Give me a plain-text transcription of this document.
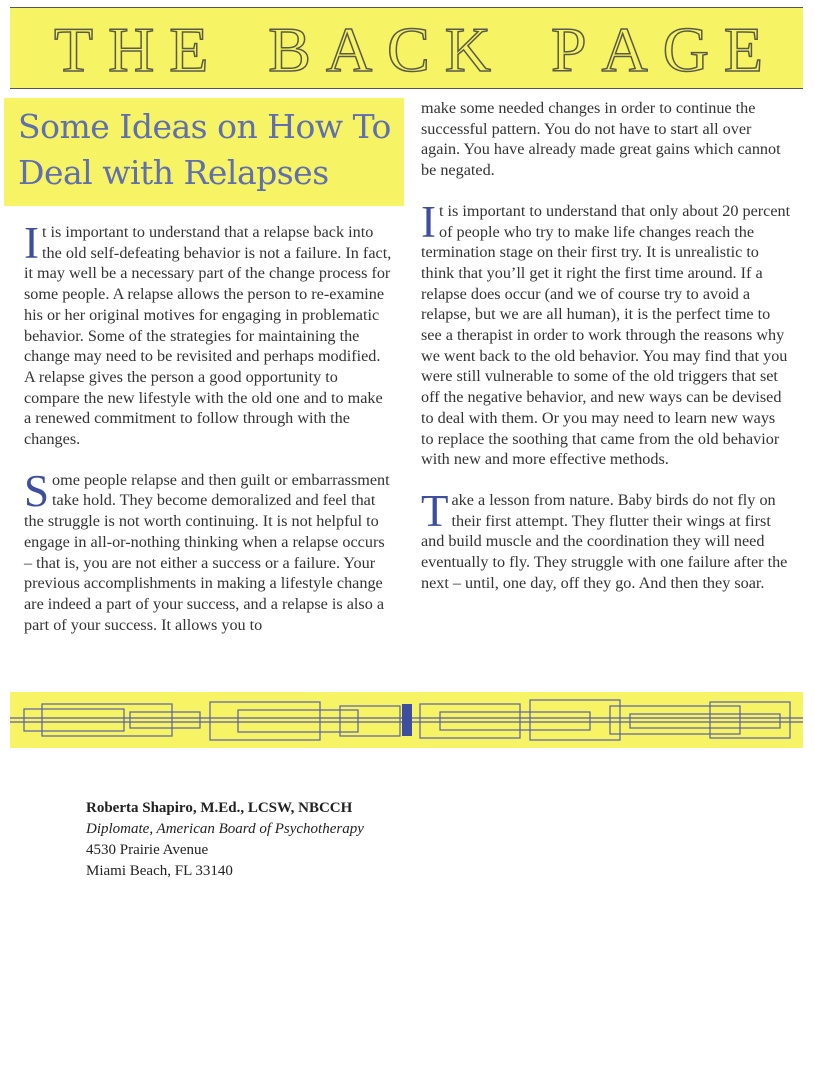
T H E B A C K P A G E
Some Ideas on How To Deal with Relapses

It is important to understand that a relapse back into the old self-defeating behavior is not a failure. In fact, it may well be a necessary part of the change process for some people. A relapse allows the person to re-examine his or her original motives for engaging in problematic behavior. Some of the strategies for maintaining the change may need to be revisited and perhaps modified. A relapse gives the person a good opportunity to compare the new lifestyle with the old one and to make a renewed commitment to follow through with the changes.

Some people relapse and then guilt or embarrassment take hold. They become demoralized and feel that the struggle is not worth continuing. It is not helpful to engage in all-or-nothing thinking when a relapse occurs – that is, you are not either a success or a failure. Your previous accomplishments in making a lifestyle change are indeed a part of your success, and a relapse is also a part of your success. It allows you to

make some needed changes in order to continue the successful pattern. You do not have to start all over again. You have already made great gains which cannot be negated.

It is important to understand that only about 20 percent of people who try to make life changes reach the termination stage on their first try. It is unrealistic to think that you’ll get it right the first time around. If a relapse does occur (and we of course try to avoid a relapse, but we are all human), it is the perfect time to see a therapist in order to work through the reasons why we went back to the old behavior. You may find that you were still vulnerable to some of the old triggers that set off the negative behavior, and new ways can be devised to deal with them. Or you may need to learn new ways to replace the soothing that came from the old behavior with new and more effective methods.

Take a lesson from nature. Baby birds do not fly on their first attempt. They flutter their wings at first and build muscle and the coordination they will need eventually to fly. They struggle with one failure after the next – until, one day, off they go. And then they soar.

Roberta Shapiro, M.Ed., LCSW, NBCCH
Diplomate, American Board of Psychotherapy
4530 Prairie Avenue
Miami Beach, FL 33140
